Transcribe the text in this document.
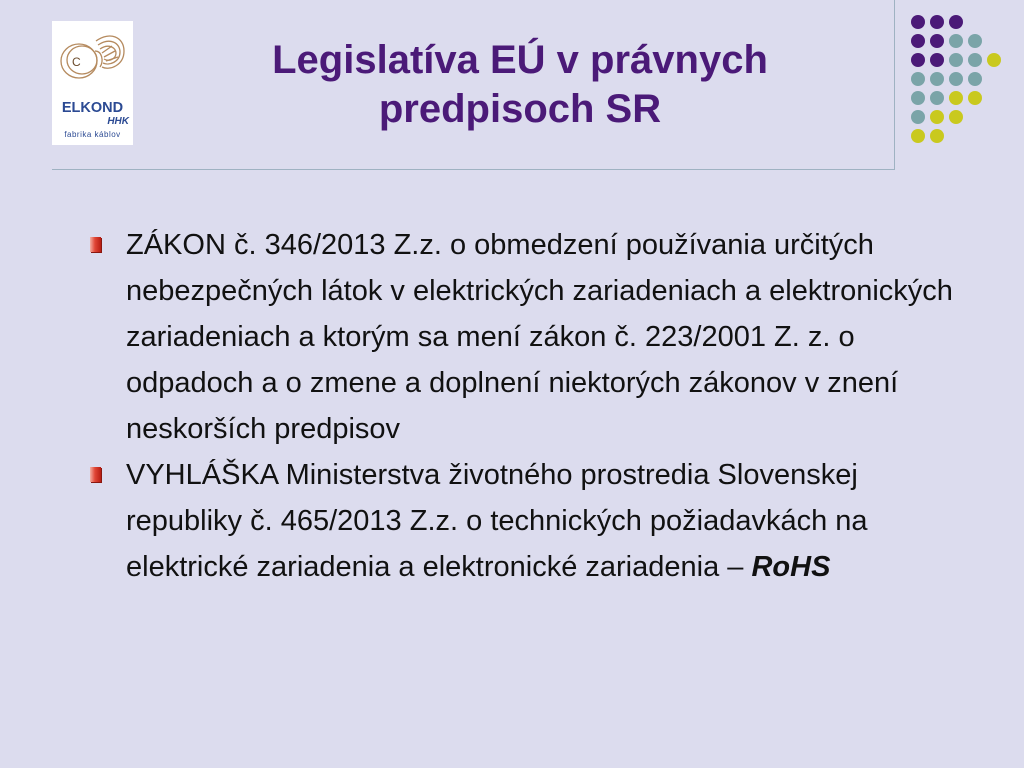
C
ELKOND
HHK
fabrika káblov
Legislatíva EÚ v právnych
predpisoch SR
ZÁKON č. 346/2013 Z.z. o obmedzení používania určitých nebezpečných látok v elektrických zariadeniach a elektronických zariadeniach a ktorým sa mení zákon č. 223/2001 Z. z. o odpadoch a o zmene a doplnení niektorých zákonov v znení neskorších predpisov
VYHLÁŠKA Ministerstva životného prostredia Slovenskej republiky č. 465/2013 Z.z. o technických požiadavkách na elektrické zariadenia a elektronické zariadenia – RoHS
